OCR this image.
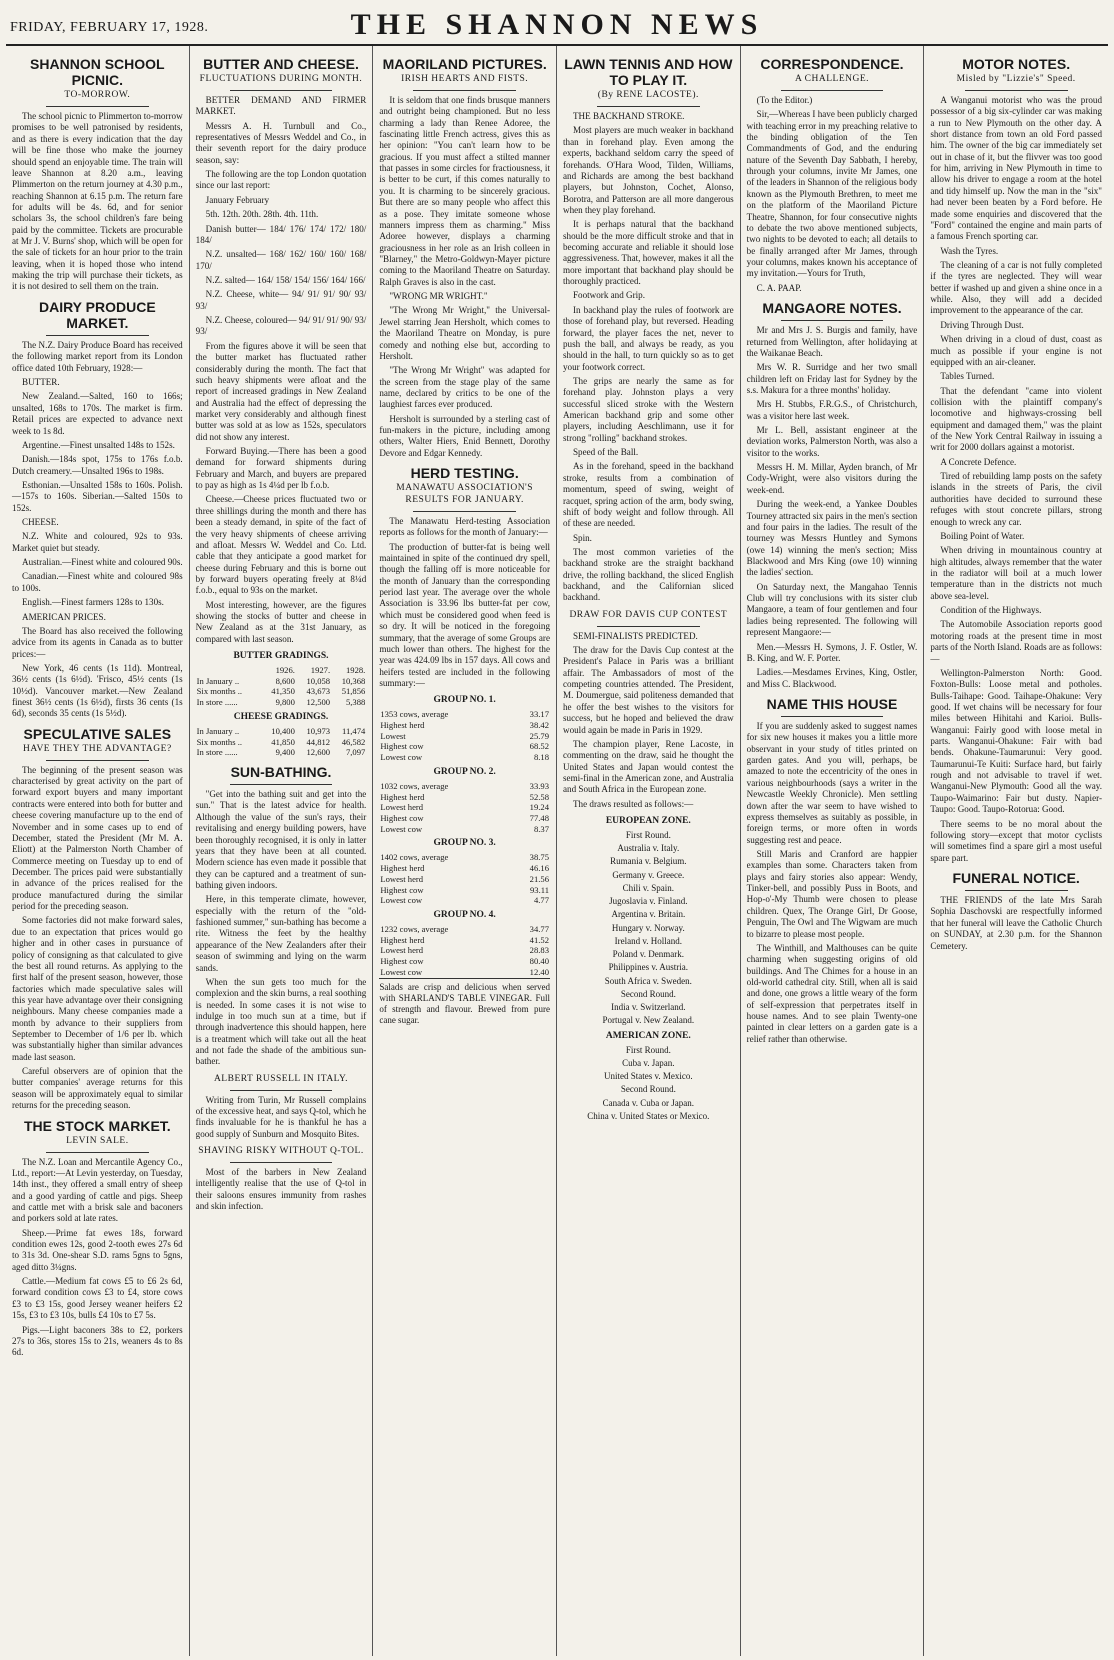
FRIDAY, FEBRUARY 17, 1928.	THE SHANNON NEWS
SHANNON SCHOOL PICNIC.
TO-MORROW.

The school picnic to Plimmerton to-morrow promises to be well patronised by residents, and as there is every indication that the day will be fine those who make the journey should spend an enjoyable time. The train will leave Shannon at 8.20 a.m., leaving Plimmerton on the return journey at 4.30 p.m., reaching Shannon at 6.15 p.m. The return fare for adults will be 4s. 6d, and for senior scholars 3s, the school children's fare being paid by the committee. Tickets are procurable at Mr J. V. Burns' shop, which will be open for the sale of tickets for an hour prior to the train leaving, when it is hoped those who intend making the trip will purchase their tickets, as it is not desired to sell them on the train.

DAIRY PRODUCE MARKET.

The N.Z. Dairy Produce Board has received the following market report from its London office dated 10th February, 1928:—

BUTTER.

New Zealand.—Salted, 160 to 166s; unsalted, 168s to 170s. The market is firm. Retail prices are expected to advance next week to 1s 8d.

Argentine.—Finest unsalted 148s to 152s.

Danish.—184s spot, 175s to 176s f.o.b. Dutch creamery.—Unsalted 196s to 198s.

Esthonian.—Unsalted 158s to 160s. Polish.—157s to 160s. Siberian.—Salted 150s to 152s.

CHEESE.

N.Z. White and coloured, 92s to 93s. Market quiet but steady.

Australian.—Finest white and coloured 90s.

Canadian.—Finest white and coloured 98s to 100s.

English.—Finest farmers 128s to 130s.

AMERICAN PRICES.

The Board has also received the following advice from its agents in Canada as to butter prices:—

New York, 46 cents (1s 11d). Montreal, 36½ cents (1s 6½d). 'Frisco, 45½ cents (1s 10½d). Vancouver market.—New Zealand finest 36½ cents (1s 6½d), firsts 36 cents (1s 6d), seconds 35 cents (1s 5½d).

SPECULATIVE SALES
HAVE THEY THE ADVANTAGE?

The beginning of the present season was characterised by great activity on the part of forward export buyers and many important contracts were entered into both for butter and cheese covering manufacture up to the end of November and in some cases up to end of December, stated the President (Mr M. A. Eliott) at the Palmerston North Chamber of Commerce meeting on Tuesday up to end of December. The prices paid were substantially in advance of the prices realised for the produce manufactured during the similar period for the preceding season.

Some factories did not make forward sales, due to an expectation that prices would go higher and in other cases in pursuance of policy of consigning as that calculated to give the best all round returns. As applying to the first half of the present season, however, those factories which made speculative sales will this year have advantage over their consigning neighbours. Many cheese companies made a month by advance to their suppliers from September to December of 1/6 per lb. which was substantially higher than similar advances made last season.

Careful observers are of opinion that the butter companies' average returns for this season will be approximately equal to similar returns for the preceding season.

THE STOCK MARKET.
LEVIN SALE.

The N.Z. Loan and Mercantile Agency Co., Ltd., report:—At Levin yesterday, on Tuesday, 14th inst., they offered a small entry of sheep and a good yarding of cattle and pigs. Sheep and cattle met with a brisk sale and baconers and porkers sold at late rates.

Sheep.—Prime fat ewes 18s, forward condition ewes 12s, good 2-tooth ewes 27s 6d to 31s 3d. One-shear S.D. rams 5gns to 5gns, aged ditto 3¼gns.

Cattle.—Medium fat cows £5 to £6 2s 6d, forward condition cows £3 to £4, store cows £3 to £3 15s, good Jersey weaner heifers £2 15s, £3 to £3 10s, bulls £4 10s to £7 5s.

Pigs.—Light baconers 38s to £2, porkers 27s to 36s, stores 15s to 21s, weaners 4s to 8s 6d.

BUTTER AND CHEESE.
FLUCTUATIONS DURING MONTH.

BETTER DEMAND AND FIRMER MARKET.

Messrs A. H. Turnbull and Co., representatives of Messrs Weddel and Co., in their seventh report for the dairy produce season, say:

The following are the top London quotation since our last report:

January February

5th. 12th. 20th. 28th. 4th. 11th.

Danish butter— 184/ 176/ 174/ 172/ 180/ 184/

N.Z. unsalted— 168/ 162/ 160/ 160/ 168/ 170/

N.Z. salted— 164/ 158/ 154/ 156/ 164/ 166/

N.Z. Cheese, white— 94/ 91/ 91/ 90/ 93/ 93/

N.Z. Cheese, coloured— 94/ 91/ 91/ 90/ 93/ 93/

From the figures above it will be seen that the butter market has fluctuated rather considerably during the month. The fact that such heavy shipments were afloat and the report of increased gradings in New Zealand and Australia had the effect of depressing the market very considerably and although finest butter was sold at as low as 152s, speculators did not show any interest.

Forward Buying.—There has been a good demand for forward shipments during February and March, and buyers are prepared to pay as high as 1s 4¼d per lb f.o.b.

Cheese.—Cheese prices fluctuated two or three shillings during the month and there has been a steady demand, in spite of the fact of the very heavy shipments of cheese arriving and afloat. Messrs W. Weddel and Co. Ltd. cable that they anticipate a good market for cheese during February and this is borne out by forward buyers operating freely at 8¼d f.o.b., equal to 93s on the market.

Most interesting, however, are the figures showing the stocks of butter and cheese in New Zealand as at the 31st January, as compared with last season.

BUTTER GRADINGS.
	1926.	1927.	1928.
In January ..	8,600	10,058	10,368
Six months ..	41,350	43,673	51,856
In store ......	9,800	12,500	5,388
CHEESE GRADINGS.
In January ..	10,400	10,973	11,474
Six months ..	41,850	44,812	46,582
In store ......	9,400	12,600	7,097
SUN-BATHING.

"Get into the bathing suit and get into the sun." That is the latest advice for health. Although the value of the sun's rays, their revitalising and energy building powers, have been thoroughly recognised, it is only in latter years that they have been at all counted. Modern science has even made it possible that they can be captured and a treatment of sun-bathing given indoors.

Here, in this temperate climate, however, especially with the return of the "old-fashioned summer," sun-bathing has become a rite. Witness the feet by the healthy appearance of the New Zealanders after their season of swimming and lying on the warm sands.

When the sun gets too much for the complexion and the skin burns, a real soothing is needed. In some cases it is not wise to indulge in too much sun at a time, but if through inadvertence this should happen, here is a treatment which will take out all the heat and not fade the shade of the ambitious sun-bather.

ALBERT RUSSELL IN ITALY.

Writing from Turin, Mr Russell complains of the excessive heat, and says Q-tol, which he finds invaluable for he is thankful he has a good supply of Sunburn and Mosquito Bites.

SHAVING RISKY WITHOUT Q-TOL.

Most of the barbers in New Zealand intelligently realise that the use of Q-tol in their saloons ensures immunity from rashes and skin infection.

MAORILAND PICTURES.
IRISH HEARTS AND FISTS.

It is seldom that one finds brusque manners and outright being championed. But no less charming a lady than Renee Adoree, the fascinating little French actress, gives this as her opinion: "You can't learn how to be gracious. If you must affect a stilted manner that passes in some circles for fractiousness, it is better to be curt, if this comes naturally to you. It is charming to be sincerely gracious. But there are so many people who affect this as a pose. They imitate someone whose manners impress them as charming." Miss Adoree however, displays a charming graciousness in her role as an Irish colleen in "Blarney," the Metro-Goldwyn-Mayer picture coming to the Maoriland Theatre on Saturday. Ralph Graves is also in the cast.

"WRONG MR WRIGHT."

"The Wrong Mr Wright," the Universal-Jewel starring Jean Hersholt, which comes to the Maoriland Theatre on Monday, is pure comedy and nothing else but, according to Hersholt.

"The Wrong Mr Wright" was adapted for the screen from the stage play of the same name, declared by critics to be one of the laughiest farces ever produced.

Hersholt is surrounded by a sterling cast of fun-makers in the picture, including among others, Walter Hiers, Enid Bennett, Dorothy Devore and Edgar Kennedy.

HERD TESTING.
MANAWATU ASSOCIATION'S RESULTS FOR JANUARY.

The Manawatu Herd-testing Association reports as follows for the month of January:—

The production of butter-fat is being well maintained in spite of the continued dry spell, though the falling off is more noticeable for the month of January than the corresponding period last year. The average over the whole Association is 33.96 lbs butter-fat per cow, which must be considered good when feed is so dry. It will be noticed in the foregoing summary, that the average of some Groups are much lower than others. The highest for the year was 424.09 lbs in 157 days. All cows and heifers tested are included in the following summary:—

GROUP NO. 1.
1353 cows, average	33.17
Highest herd	38.42
Lowest	25.79
Highest cow	68.52
Lowest cow	8.18
GROUP NO. 2.
1032 cows, average	33.93
Highest herd	52.58
Lowest herd	19.24
Highest cow	77.48
Lowest cow	8.37
GROUP NO. 3.
1402 cows, average	38.75
Highest herd	46.16
Lowest herd	21.56
Highest cow	93.11
Lowest cow	4.77
GROUP NO. 4.
1232 cows, average	34.77
Highest herd	41.52
Lowest herd	28.83
Highest cow	80.40
Lowest cow	12.40
Salads are crisp and delicious when served with SHARLAND'S TABLE VINEGAR. Full of strength and flavour. Brewed from pure cane sugar.
LAWN TENNIS AND HOW TO PLAY IT.
(By RENE LACOSTE).

THE BACKHAND STROKE.

Most players are much weaker in backhand than in forehand play. Even among the experts, backhand seldom carry the speed of forehands. O'Hara Wood, Tilden, Williams, and Richards are among the best backhand players, but Johnston, Cochet, Alonso, Borotra, and Patterson are all more dangerous when they play forehand.

It is perhaps natural that the backhand should be the more difficult stroke and that in becoming accurate and reliable it should lose aggressiveness. That, however, makes it all the more important that backhand play should be thoroughly practiced.

Footwork and Grip.

In backhand play the rules of footwork are those of forehand play, but reversed. Heading forward, the player faces the net, never to push the ball, and always be ready, as you should in the hall, to turn quickly so as to get your footwork correct.

The grips are nearly the same as for forehand play. Johnston plays a very successful sliced stroke with the Western American backhand grip and some other players, including Aeschlimann, use it for strong "rolling" backhand strokes.

Speed of the Ball.

As in the forehand, speed in the backhand stroke, results from a combination of momentum, speed of swing, weight of racquet, spring action of the arm, body swing, shift of body weight and follow through. All of these are needed.

Spin.

The most common varieties of the backhand stroke are the straight backhand drive, the rolling backhand, the sliced English backhand, and the Californian sliced backhand.

DRAW FOR DAVIS CUP CONTEST

SEMI-FINALISTS PREDICTED.

The draw for the Davis Cup contest at the President's Palace in Paris was a brilliant affair. The Ambassadors of most of the competing countries attended. The President, M. Doumergue, said politeness demanded that he offer the best wishes to the visitors for success, but he hoped and believed the draw would again be made in Paris in 1929.

The champion player, Rene Lacoste, in commenting on the draw, said he thought the United States and Japan would contest the semi-final in the American zone, and Australia and South Africa in the European zone.

The draws resulted as follows:—

EUROPEAN ZONE.
First Round.
Australia v. Italy.
Rumania v. Belgium.
Germany v. Greece.
Chili v. Spain.
Jugoslavia v. Finland.
Argentina v. Britain.
Hungary v. Norway.
Ireland v. Holland.
Poland v. Denmark.
Philippines v. Austria.
South Africa v. Sweden.
Second Round.
India v. Switzerland.
Portugal v. New Zealand.
AMERICAN ZONE.
First Round.
Cuba v. Japan.
United States v. Mexico.
Second Round.
Canada v. Cuba or Japan.
China v. United States or Mexico.
CORRESPONDENCE.
A CHALLENGE.

(To the Editor.)

Sir,—Whereas I have been publicly charged with teaching error in my preaching relative to the binding obligation of the Ten Commandments of God, and the enduring nature of the Seventh Day Sabbath, I hereby, through your columns, invite Mr James, one of the leaders in Shannon of the religious body known as the Plymouth Brethren, to meet me on the platform of the Maoriland Picture Theatre, Shannon, for four consecutive nights to debate the two above mentioned subjects, two nights to be devoted to each; all details to be finally arranged after Mr James, through your columns, makes known his acceptance of my invitation.—Yours for Truth,

C. A. PAAP.

MANGAORE NOTES.

Mr and Mrs J. S. Burgis and family, have returned from Wellington, after holidaying at the Waikanae Beach.

Mrs W. R. Surridge and her two small children left on Friday last for Sydney by the s.s. Makura for a three months' holiday.

Mrs H. Stubbs, F.R.G.S., of Christchurch, was a visitor here last week.

Mr L. Bell, assistant engineer at the deviation works, Palmerston North, was also a visitor to the works.

Messrs H. M. Millar, Ayden branch, of Mr Cody-Wright, were also visitors during the week-end.

During the week-end, a Yankee Doubles Tourney attracted six pairs in the men's section and four pairs in the ladies. The result of the tourney was Messrs Huntley and Symons (owe 14) winning the men's section; Miss Blackwood and Mrs King (owe 10) winning the ladies' section.

On Saturday next, the Mangahao Tennis Club will try conclusions with its sister club Mangaore, a team of four gentlemen and four ladies being represented. The following will represent Mangaore:—

Men.—Messrs H. Symons, J. F. Ostler, W. B. King, and W. F. Porter.

Ladies.—Mesdames Ervines, King, Ostler, and Miss C. Blackwood.

NAME THIS HOUSE

If you are suddenly asked to suggest names for six new houses it makes you a little more observant in your study of titles printed on garden gates. And you will, perhaps, be amazed to note the eccentricity of the ones in various neighbourhoods (says a writer in the Newcastle Weekly Chronicle). Men settling down after the war seem to have wished to express themselves as suitably as possible, in foreign terms, or more often in words suggesting rest and peace.

Still Maris and Cranford are happier examples than some. Characters taken from plays and fairy stories also appear: Wendy, Tinker-bell, and possibly Puss in Boots, and Hop-o'-My Thumb were chosen to please children. Quex, The Orange Girl, Dr Goose, Penguin, The Owl and The Wigwam are much to bizarre to please most people.

The Winthill, and Malthouses can be quite charming when suggesting origins of old buildings. And The Chimes for a house in an old-world cathedral city. Still, when all is said and done, one grows a little weary of the form of self-expression that perpetrates itself in house names. And to see plain Twenty-one painted in clear letters on a garden gate is a relief rather than otherwise.

MOTOR NOTES.
Misled by "Lizzie's" Speed.

A Wanganui motorist who was the proud possessor of a big six-cylinder car was making a run to New Plymouth on the other day. A short distance from town an old Ford passed him. The owner of the big car immediately set out in chase of it, but the flivver was too good for him, arriving in New Plymouth in time to allow his driver to engage a room at the hotel and tidy himself up. Now the man in the "six" had never been beaten by a Ford before. He made some enquiries and discovered that the "Ford" contained the engine and main parts of a famous French sporting car.

Wash the Tyres.

The cleaning of a car is not fully completed if the tyres are neglected. They will wear better if washed up and given a shine once in a while. Also, they will add a decided improvement to the appearance of the car.

Driving Through Dust.

When driving in a cloud of dust, coast as much as possible if your engine is not equipped with an air-cleaner.

Tables Turned.

That the defendant "came into violent collision with the plaintiff company's locomotive and highways-crossing bell equipment and damaged them," was the plaint of the New York Central Railway in issuing a writ for 2000 dollars against a motorist.

A Concrete Defence.

Tired of rebuilding lamp posts on the safety islands in the streets of Paris, the civil authorities have decided to surround these refuges with stout concrete pillars, strong enough to wreck any car.

Boiling Point of Water.

When driving in mountainous country at high altitudes, always remember that the water in the radiator will boil at a much lower temperature than in the districts not much above sea-level.

Condition of the Highways.

The Automobile Association reports good motoring roads at the present time in most parts of the North Island. Roads are as follows:—

Wellington-Palmerston North: Good. Foxton-Bulls: Loose metal and potholes. Bulls-Taihape: Good. Taihape-Ohakune: Very good. If wet chains will be necessary for four miles between Hihitahi and Karioi. Bulls-Wanganui: Fairly good with loose metal in parts. Wanganui-Ohakune: Fair with bad bends. Ohakune-Taumarunui: Very good. Taumarunui-Te Kuiti: Surface hard, but fairly rough and not advisable to travel if wet. Wanganui-New Plymouth: Good all the way. Taupo-Waimarino: Fair but dusty. Napier-Taupo: Good. Taupo-Rotorua: Good.

There seems to be no moral about the following story—except that motor cyclists will sometimes find a spare girl a most useful spare part.

FUNERAL NOTICE.

THE FRIENDS of the late Mrs Sarah Sophia Daschovski are respectfully informed that her funeral will leave the Catholic Church on SUNDAY, at 2.30 p.m. for the Shannon Cemetery.
